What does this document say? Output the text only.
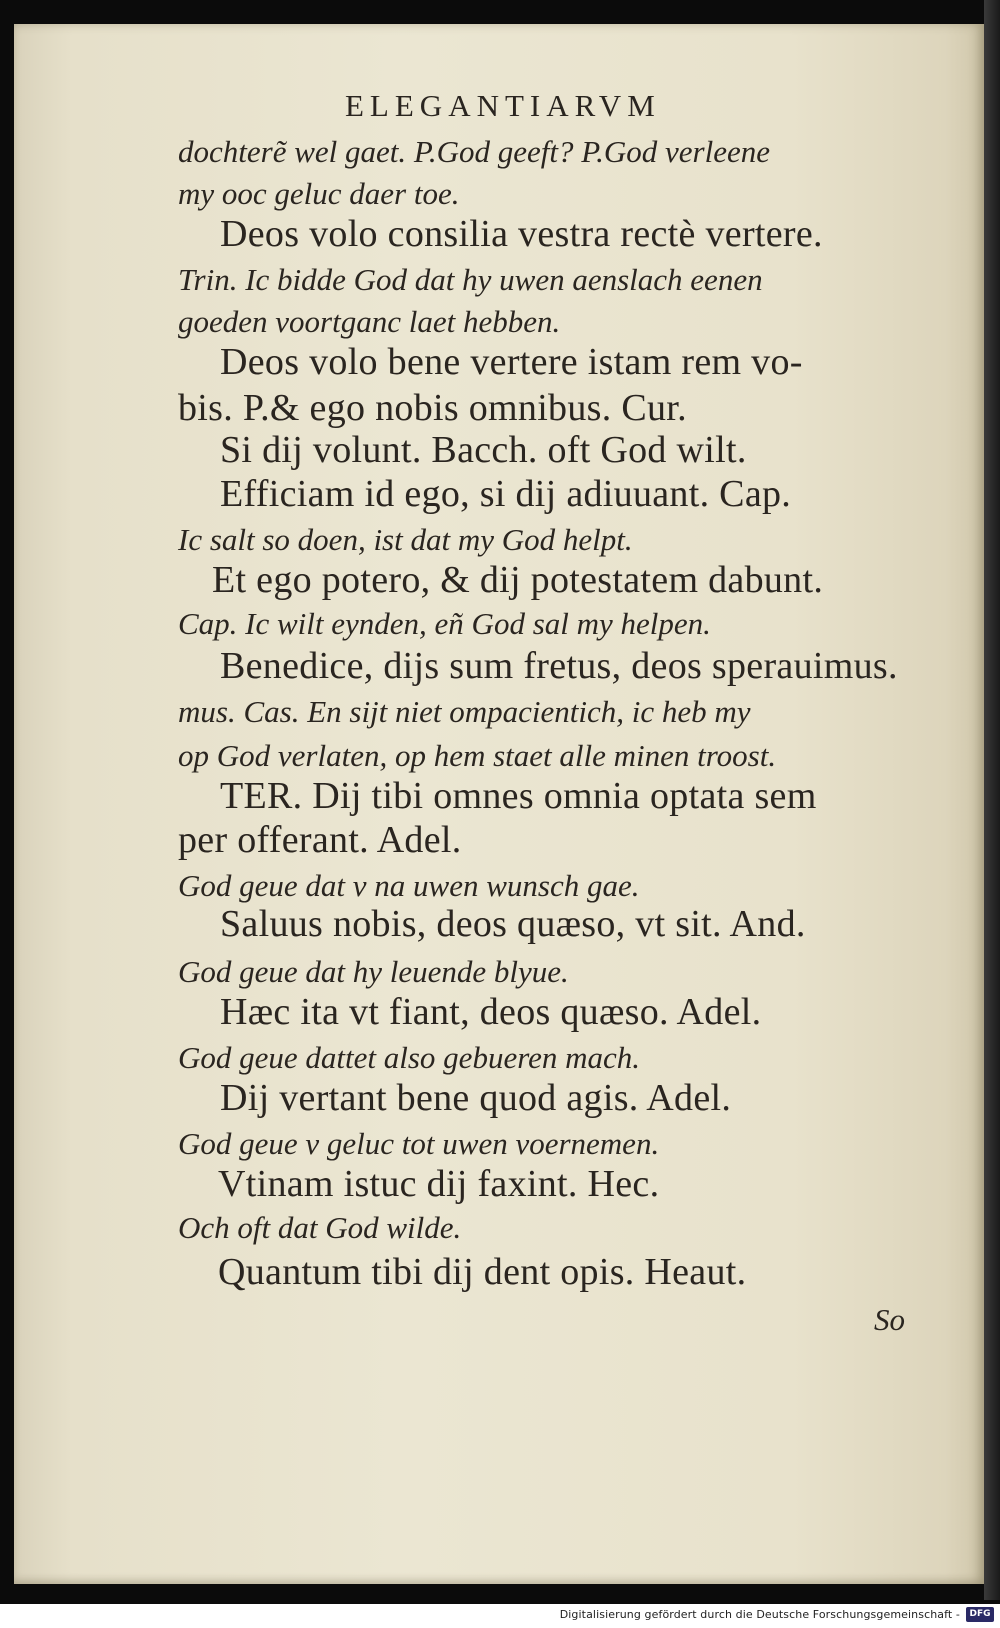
ELEGANTIARVM
dochterẽ wel gaet. P.God geeft? P.God verleene
my ooc geluc daer toe.
Deos volo consilia vestra rectè vertere.
Trin. Ic bidde God dat hy uwen aenslach eenen
goeden voortganc laet hebben.
Deos volo bene vertere istam rem vo-
bis. P.& ego nobis omnibus. Cur.
Si dij volunt. Bacch. oft God wilt.
Efficiam id ego, si dij adiuuant. Cap.
Ic salt so doen, ist dat my God helpt.
Et ego potero, & dij potestatem dabunt.
Cap. Ic wilt eynden, eñ God sal my helpen.
Benedice, dijs sum fretus, deos sperauimus.
mus. Cas. En sijt niet ompacientich, ic heb my
op God verlaten, op hem staet alle minen troost.
TER. Dij tibi omnes omnia optata sem
per offerant. Adel.
God geue dat v na uwen wunsch gae.
Saluus nobis, deos quæso, vt sit. And.
God geue dat hy leuende blyue.
Hæc ita vt fiant, deos quæso. Adel.
God geue dattet also gebueren mach.
Dij vertant bene quod agis. Adel.
God geue v geluc tot uwen voernemen.
Vtinam istuc dij faxint. Hec.
Och oft dat God wilde.
Quantum tibi dij dent opis. Heaut.
So
Digitalisierung gefördert durch die Deutsche Forschungsgemeinschaft -	DFG
